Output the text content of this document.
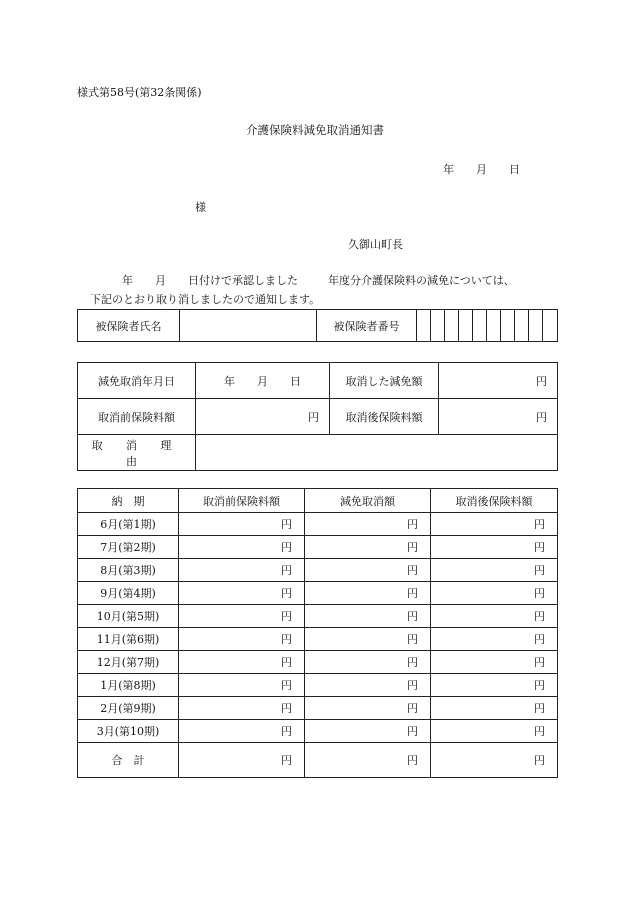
様式第58号(第32条関係)
介護保険料減免取消通知書
年 月 日
様
久御山町長
年 月 日付けで承認しました	年度分介護保険料の減免については、
下記のとおり取り消しましたので通知します。
被保険者氏名		被保険者番号										
減免取消年月日	年 月 日	取消した減免額	円
取消前保険料額	円	取消後保険料額	円
取 消 理 由			
納　期	取消前保険料額	減免取消額	取消後保険料額
6月(第1期)	円	円	円
7月(第2期)	円	円	円
8月(第3期)	円	円	円
9月(第4期)	円	円	円
10月(第5期)	円	円	円
11月(第6期)	円	円	円
12月(第7期)	円	円	円
1月(第8期)	円	円	円
2月(第9期)	円	円	円
3月(第10期)	円	円	円
合　計	円	円	円
